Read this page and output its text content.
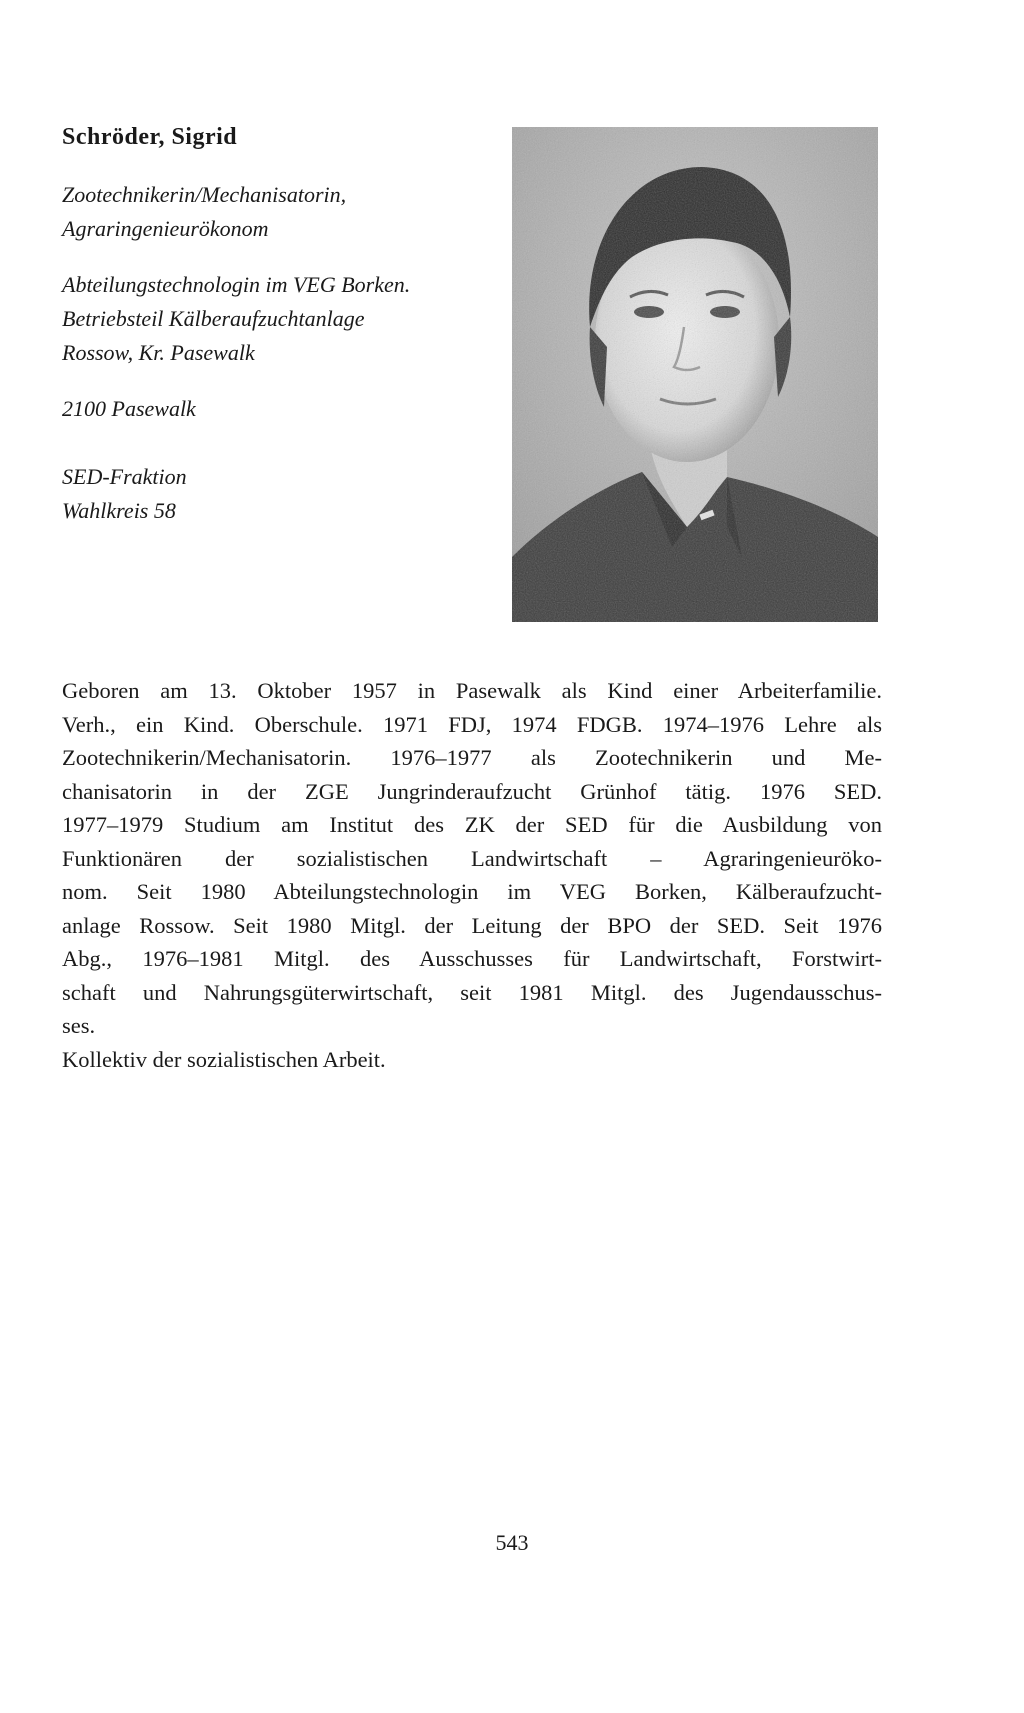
Schröder, Sigrid
Zootechnikerin/Mechanisatorin,
Agraringenieurökonom
Abteilungstechnologin im VEG Borken.
Betriebsteil Kälberaufzuchtanlage
Rossow, Kr. Pasewalk
2100 Pasewalk
SED-Fraktion
Wahlkreis 58
Geboren am 13. Oktober 1957 in Pasewalk als Kind einer Arbeiterfamilie.
Verh., ein Kind. Oberschule. 1971 FDJ, 1974 FDGB. 1974–1976 Lehre als
Zootechnikerin/Mechanisatorin. 1976–1977 als Zootechnikerin und Me-
chanisatorin in der ZGE Jungrinderaufzucht Grünhof tätig. 1976 SED.
1977–1979 Studium am Institut des ZK der SED für die Ausbildung von
Funktionären der sozialistischen Landwirtschaft – Agraringenieurökо-
nom. Seit 1980 Abteilungstechnologin im VEG Borken, Kälberaufzucht-
anlage Rossow. Seit 1980 Mitgl. der Leitung der BPO der SED. Seit 1976
Abg., 1976–1981 Mitgl. des Ausschusses für Landwirtschaft, Forstwirt-
schaft und Nahrungsgüterwirtschaft, seit 1981 Mitgl. des Jugendausschus-
ses.
Kollektiv der sozialistischen Arbeit.
543
